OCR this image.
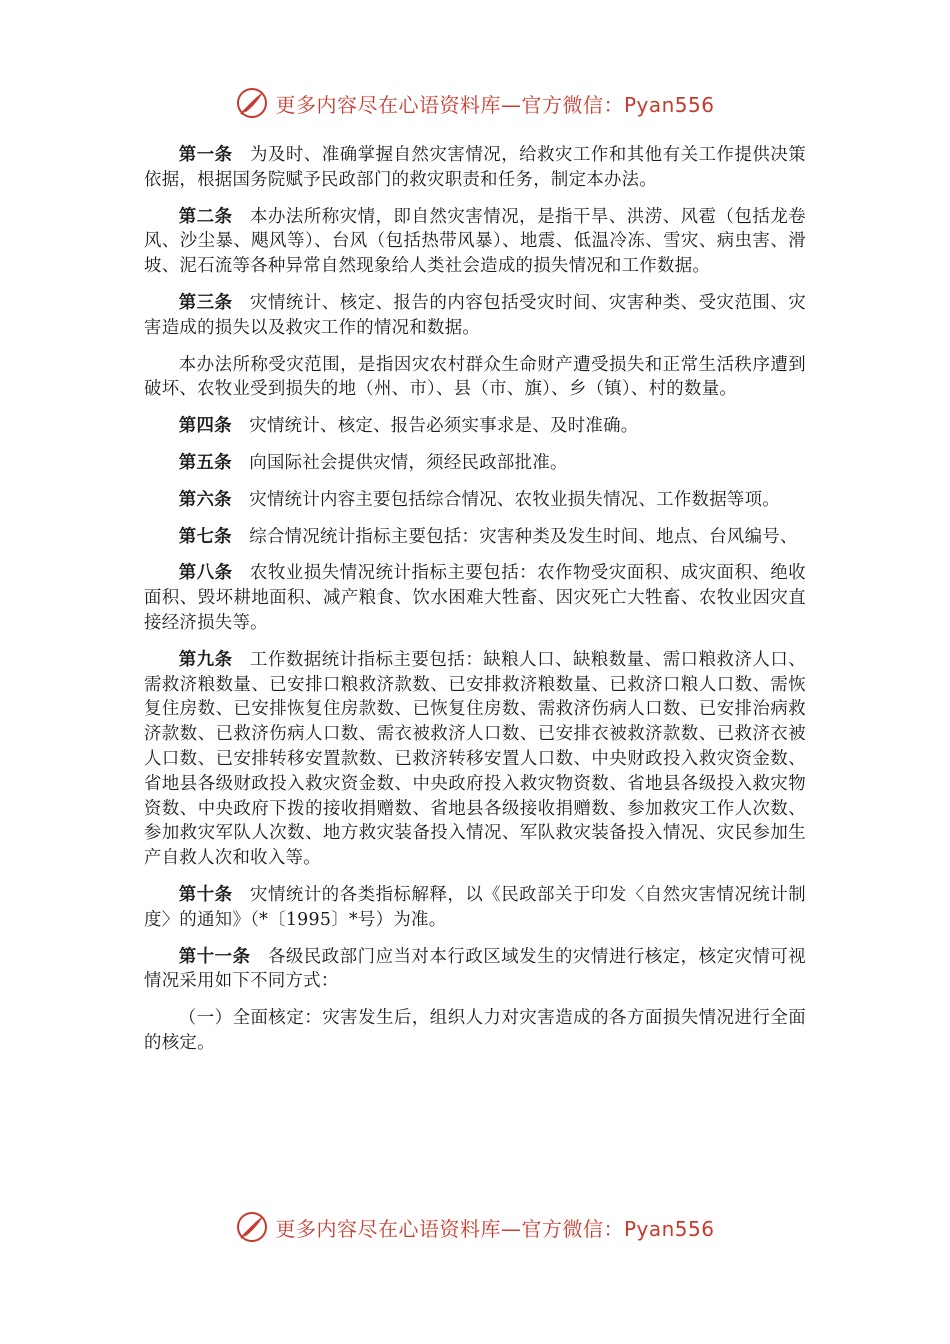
更多内容尽在心语资料库—官方微信：Pyan556

第一条 为及时、准确掌握自然灾害情况，给救灾工作和其他有关工作提供决策依据，根据国务院赋予民政部门的救灾职责和任务，制定本办法。

第二条 本办法所称灾情，即自然灾害情况，是指干旱、洪涝、风雹（包括龙卷风、沙尘暴、飓风等）、台风（包括热带风暴）、地震、低温冷冻、雪灾、病虫害、滑坡、泥石流等各种异常自然现象给人类社会造成的损失情况和工作数据。

第三条 灾情统计、核定、报告的内容包括受灾时间、灾害种类、受灾范围、灾害造成的损失以及救灾工作的情况和数据。

本办法所称受灾范围，是指因灾农村群众生命财产遭受损失和正常生活秩序遭到破坏、农牧业受到损失的地（州、市）、县（市、旗）、乡（镇）、村的数量。

第四条 灾情统计、核定、报告必须实事求是、及时准确。

第五条 向国际社会提供灾情，须经民政部批准。

第六条 灾情统计内容主要包括综合情况、农牧业损失情况、工作数据等项。

第七条 综合情况统计指标主要包括：灾害种类及发生时间、地点、台风编号、

第八条 农牧业损失情况统计指标主要包括：农作物受灾面积、成灾面积、绝收面积、毁坏耕地面积、减产粮食、饮水困难大牲畜、因灾死亡大牲畜、农牧业因灾直接经济损失等。

第九条 工作数据统计指标主要包括：缺粮人口、缺粮数量、需口粮救济人口、需救济粮数量、已安排口粮救济款数、已安排救济粮数量、已救济口粮人口数、需恢复住房数、已安排恢复住房款数、已恢复住房数、需救济伤病人口数、已安排治病救济款数、已救济伤病人口数、需衣被救济人口数、已安排衣被救济款数、已救济衣被人口数、已安排转移安置款数、已救济转移安置人口数、中央财政投入救灾资金数、省地县各级财政投入救灾资金数、中央政府投入救灾物资数、省地县各级投入救灾物资数、中央政府下拨的接收捐赠数、省地县各级接收捐赠数、参加救灾工作人次数、参加救灾军队人次数、地方救灾装备投入情况、军队救灾装备投入情况、灾民参加生产自救人次和收入等。

第十条 灾情统计的各类指标解释，以《民政部关于印发〈自然灾害情况统计制度〉的通知》（*〔1995〕*号）为准。

第十一条 各级民政部门应当对本行政区域发生的灾情进行核定，核定灾情可视情况采用如下不同方式：

（一）全面核定：灾害发生后，组织人力对灾害造成的各方面损失情况进行全面的核定。

更多内容尽在心语资料库—官方微信：Pyan556
